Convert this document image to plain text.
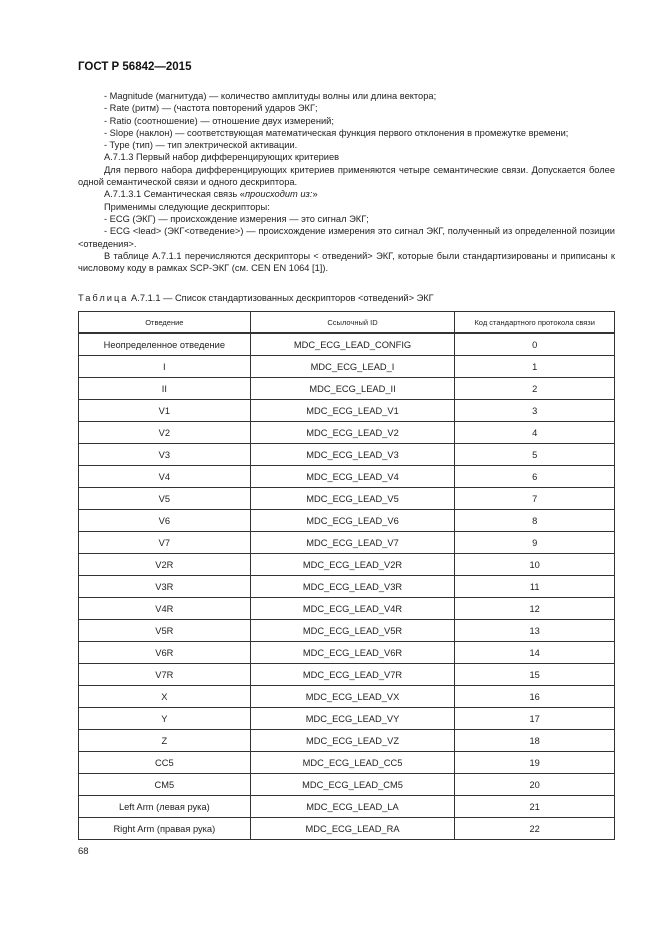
ГОСТ Р 56842—2015

- Magnitude (магнитуда) — количество амплитуды волны или длина вектора;

- Rate (ритм) — (частота повторений ударов ЭКГ;

- Ratio (соотношение) — отношение двух измерений;

- Slope (наклон) — соответствующая математическая функция первого отклонения в промежутке времени;

- Type (тип) — тип электрической активации.

А.7.1.3 Первый набор дифференцирующих критериев

Для первого набора дифференцирующих критериев применяются четыре семантические связи. Допускается более одной семантической связи и одного дескриптора.

А.7.1.3.1 Семантическая связь «происходит из:»

Применимы следующие дескрипторы:

- ECG (ЭКГ) — происхождение измерения — это сигнал ЭКГ;

- ECG <lead> (ЭКГ<отведение>) — происхождение измерения это сигнал ЭКГ, полученный из определенной позиции <отведения>.

В таблице А.7.1.1 перечисляются дескрипторы < отведений> ЭКГ, которые были стандартизированы и приписаны к числовому коду в рамках SCP-ЭКГ (см. CEN EN 1064 [1]).

Таблица А.7.1.1 — Список стандартизованных дескрипторов <отведений> ЭКГ
Отведение	Ссылочный ID	Код стандартного протокола связи
Неопределенное отведение	MDC_ECG_LEAD_CONFIG	0
I	MDC_ECG_LEAD_I	1
II	MDC_ECG_LEAD_II	2
V1	MDC_ECG_LEAD_V1	3
V2	MDC_ECG_LEAD_V2	4
V3	MDC_ECG_LEAD_V3	5
V4	MDC_ECG_LEAD_V4	6
V5	MDC_ECG_LEAD_V5	7
V6	MDC_ECG_LEAD_V6	8
V7	MDC_ECG_LEAD_V7	9
V2R	MDC_ECG_LEAD_V2R	10
V3R	MDC_ECG_LEAD_V3R	11
V4R	MDC_ECG_LEAD_V4R	12
V5R	MDC_ECG_LEAD_V5R	13
V6R	MDC_ECG_LEAD_V6R	14
V7R	MDC_ECG_LEAD_V7R	15
X	MDC_ECG_LEAD_VX	16
Y	MDC_ECG_LEAD_VY	17
Z	MDC_ECG_LEAD_VZ	18
CC5	MDC_ECG_LEAD_CC5	19
CM5	MDC_ECG_LEAD_CM5	20
Left Arm (левая рука)	MDC_ECG_LEAD_LA	21
Right Arm (правая рука)	MDC_ECG_LEAD_RA	22
68
